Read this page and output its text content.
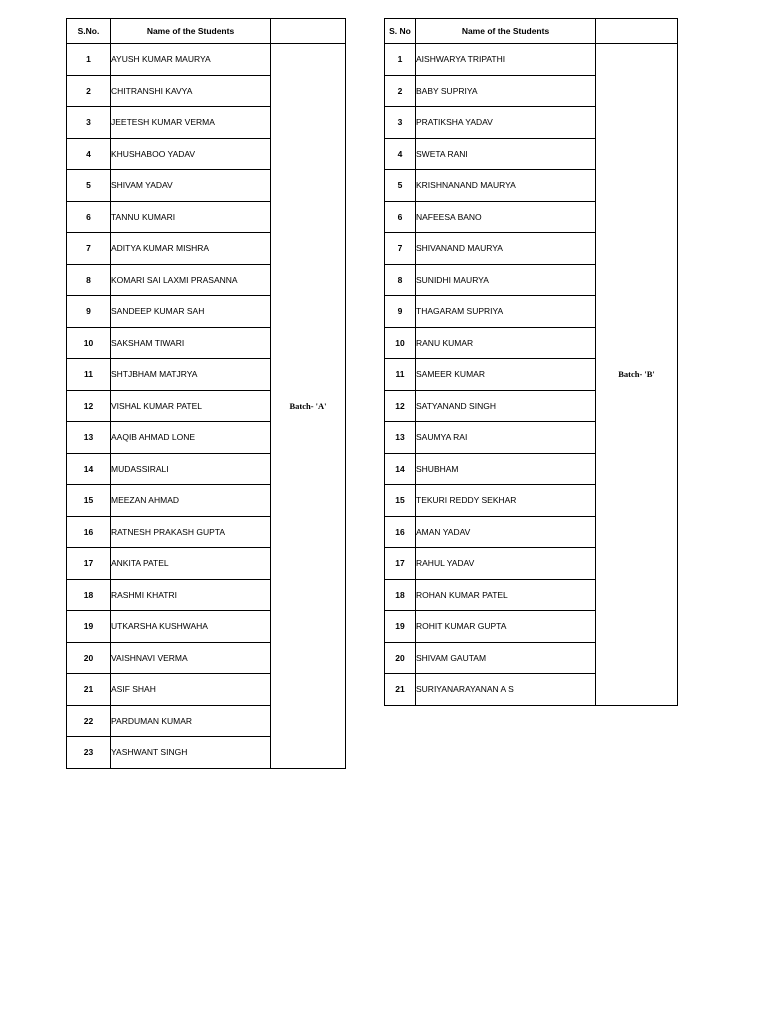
S.No.	Name of the Students	
1	AYUSH KUMAR MAURYA	Batch- 'A'
2	CHITRANSHI KAVYA	
3	JEETESH KUMAR VERMA	
4	KHUSHABOO YADAV	
5	SHIVAM YADAV	
6	TANNU KUMARI	
7	ADITYA KUMAR MISHRA	
8	KOMARI SAI LAXMI PRASANNA	
9	SANDEEP KUMAR SAH	
10	SAKSHAM TIWARI	
11	SHTJBHAM MATJRYA	
12	VISHAL KUMAR PATEL	
13	AAQIB AHMAD LONE	
14	MUDASSIRALI	
15	MEEZAN AHMAD	
16	RATNESH PRAKASH GUPTA	
17	ANKITA PATEL	
18	RASHMI KHATRI	
19	UTKARSHA KUSHWAHA	
20	VAISHNAVI VERMA	
21	ASIF SHAH	
22	PARDUMAN KUMAR	
23	YASHWANT SINGH	
S. No	Name of the Students	
1	AISHWARYA TRIPATHI	Batch- 'B'
2	BABY SUPRIYA	
3	PRATIKSHA YADAV	
4	SWETA RANI	
5	KRISHNANAND MAURYA	
6	NAFEESA BANO	
7	SHIVANAND MAURYA	
8	SUNIDHI MAURYA	
9	THAGARAM SUPRIYA	
10	RANU KUMAR	
11	SAMEER KUMAR	
12	SATYANAND SINGH	
13	SAUMYA RAI	
14	SHUBHAM	
15	TEKURI REDDY SEKHAR	
16	AMAN YADAV	
17	RAHUL YADAV	
18	ROHAN KUMAR PATEL	
19	ROHIT KUMAR GUPTA	
20	SHIVAM GAUTAM	
21	SURIYANARAYANAN A S	
